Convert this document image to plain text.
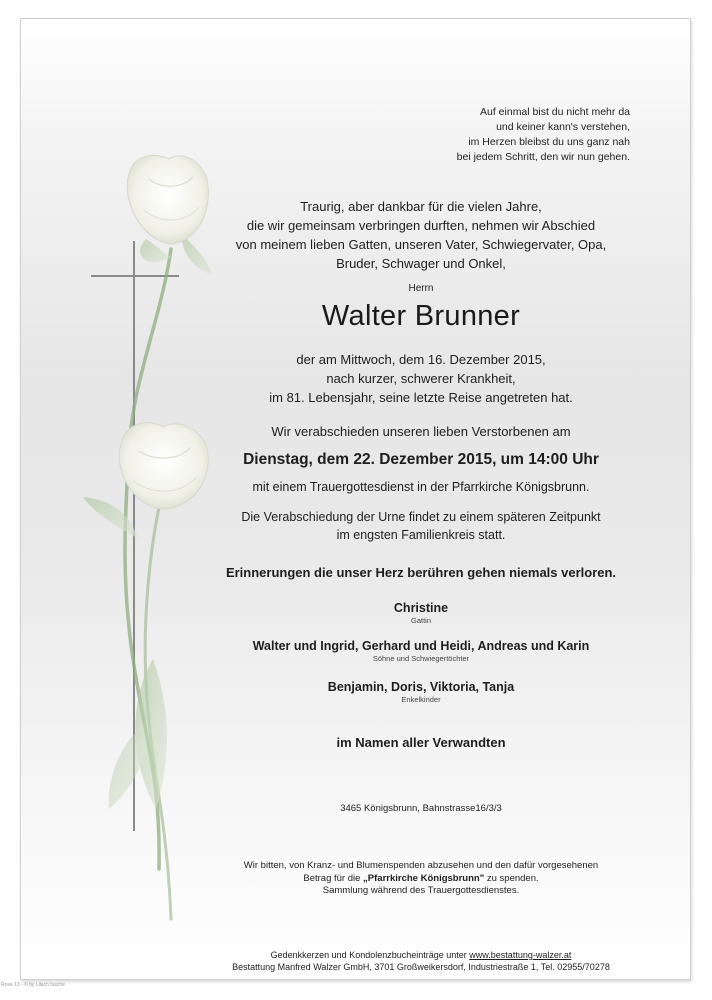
Auf einmal bist du nicht mehr da
und keiner kann's verstehen,
im Herzen bleibst du uns ganz nah
bei jedem Schritt, den wir nun gehen.
Traurig, aber dankbar für die vielen Jahre,
die wir gemeinsam verbringen durften, nehmen wir Abschied
von meinem lieben Gatten, unseren Vater, Schwiegervater, Opa,
Bruder, Schwager und Onkel,
Herrn
Walter Brunner
der am Mittwoch, dem 16. Dezember 2015,
nach kurzer, schwerer Krankheit,
im 81. Lebensjahr, seine letzte Reise angetreten hat.
Wir verabschieden unseren lieben Verstorbenen am
Dienstag, dem 22. Dezember 2015, um 14:00 Uhr
mit einem Trauergottesdienst in der Pfarrkirche Königsbrunn.
Die Verabschiedung der Urne findet zu einem späteren Zeitpunkt
im engsten Familienkreis statt.
Erinnerungen die unser Herz berühren gehen niemals verloren.
Christine
Gattin
Walter und Ingrid, Gerhard und Heidi, Andreas und Karin
Söhne und Schwiegertöchter
Benjamin, Doris, Viktoria, Tanja
Enkelkinder
im Namen aller Verwandten
3465 Königsbrunn, Bahnstrasse16/3/3
Wir bitten, von Kranz- und Blumenspenden abzusehen und den dafür vorgesehenen
Betrag für die „Pfarrkirche Königsbrunn" zu spenden.
Sammlung während des Trauergottesdienstes.
Gedenkkerzen und Kondolenzbucheinträge unter www.bestattung-walzer.at
Bestattung Manfred Walzer GmbH, 3701 Großweikersdorf, Industriestraße 1, Tel. 02955/70278
Rose 13 - © by Lilach fusche
